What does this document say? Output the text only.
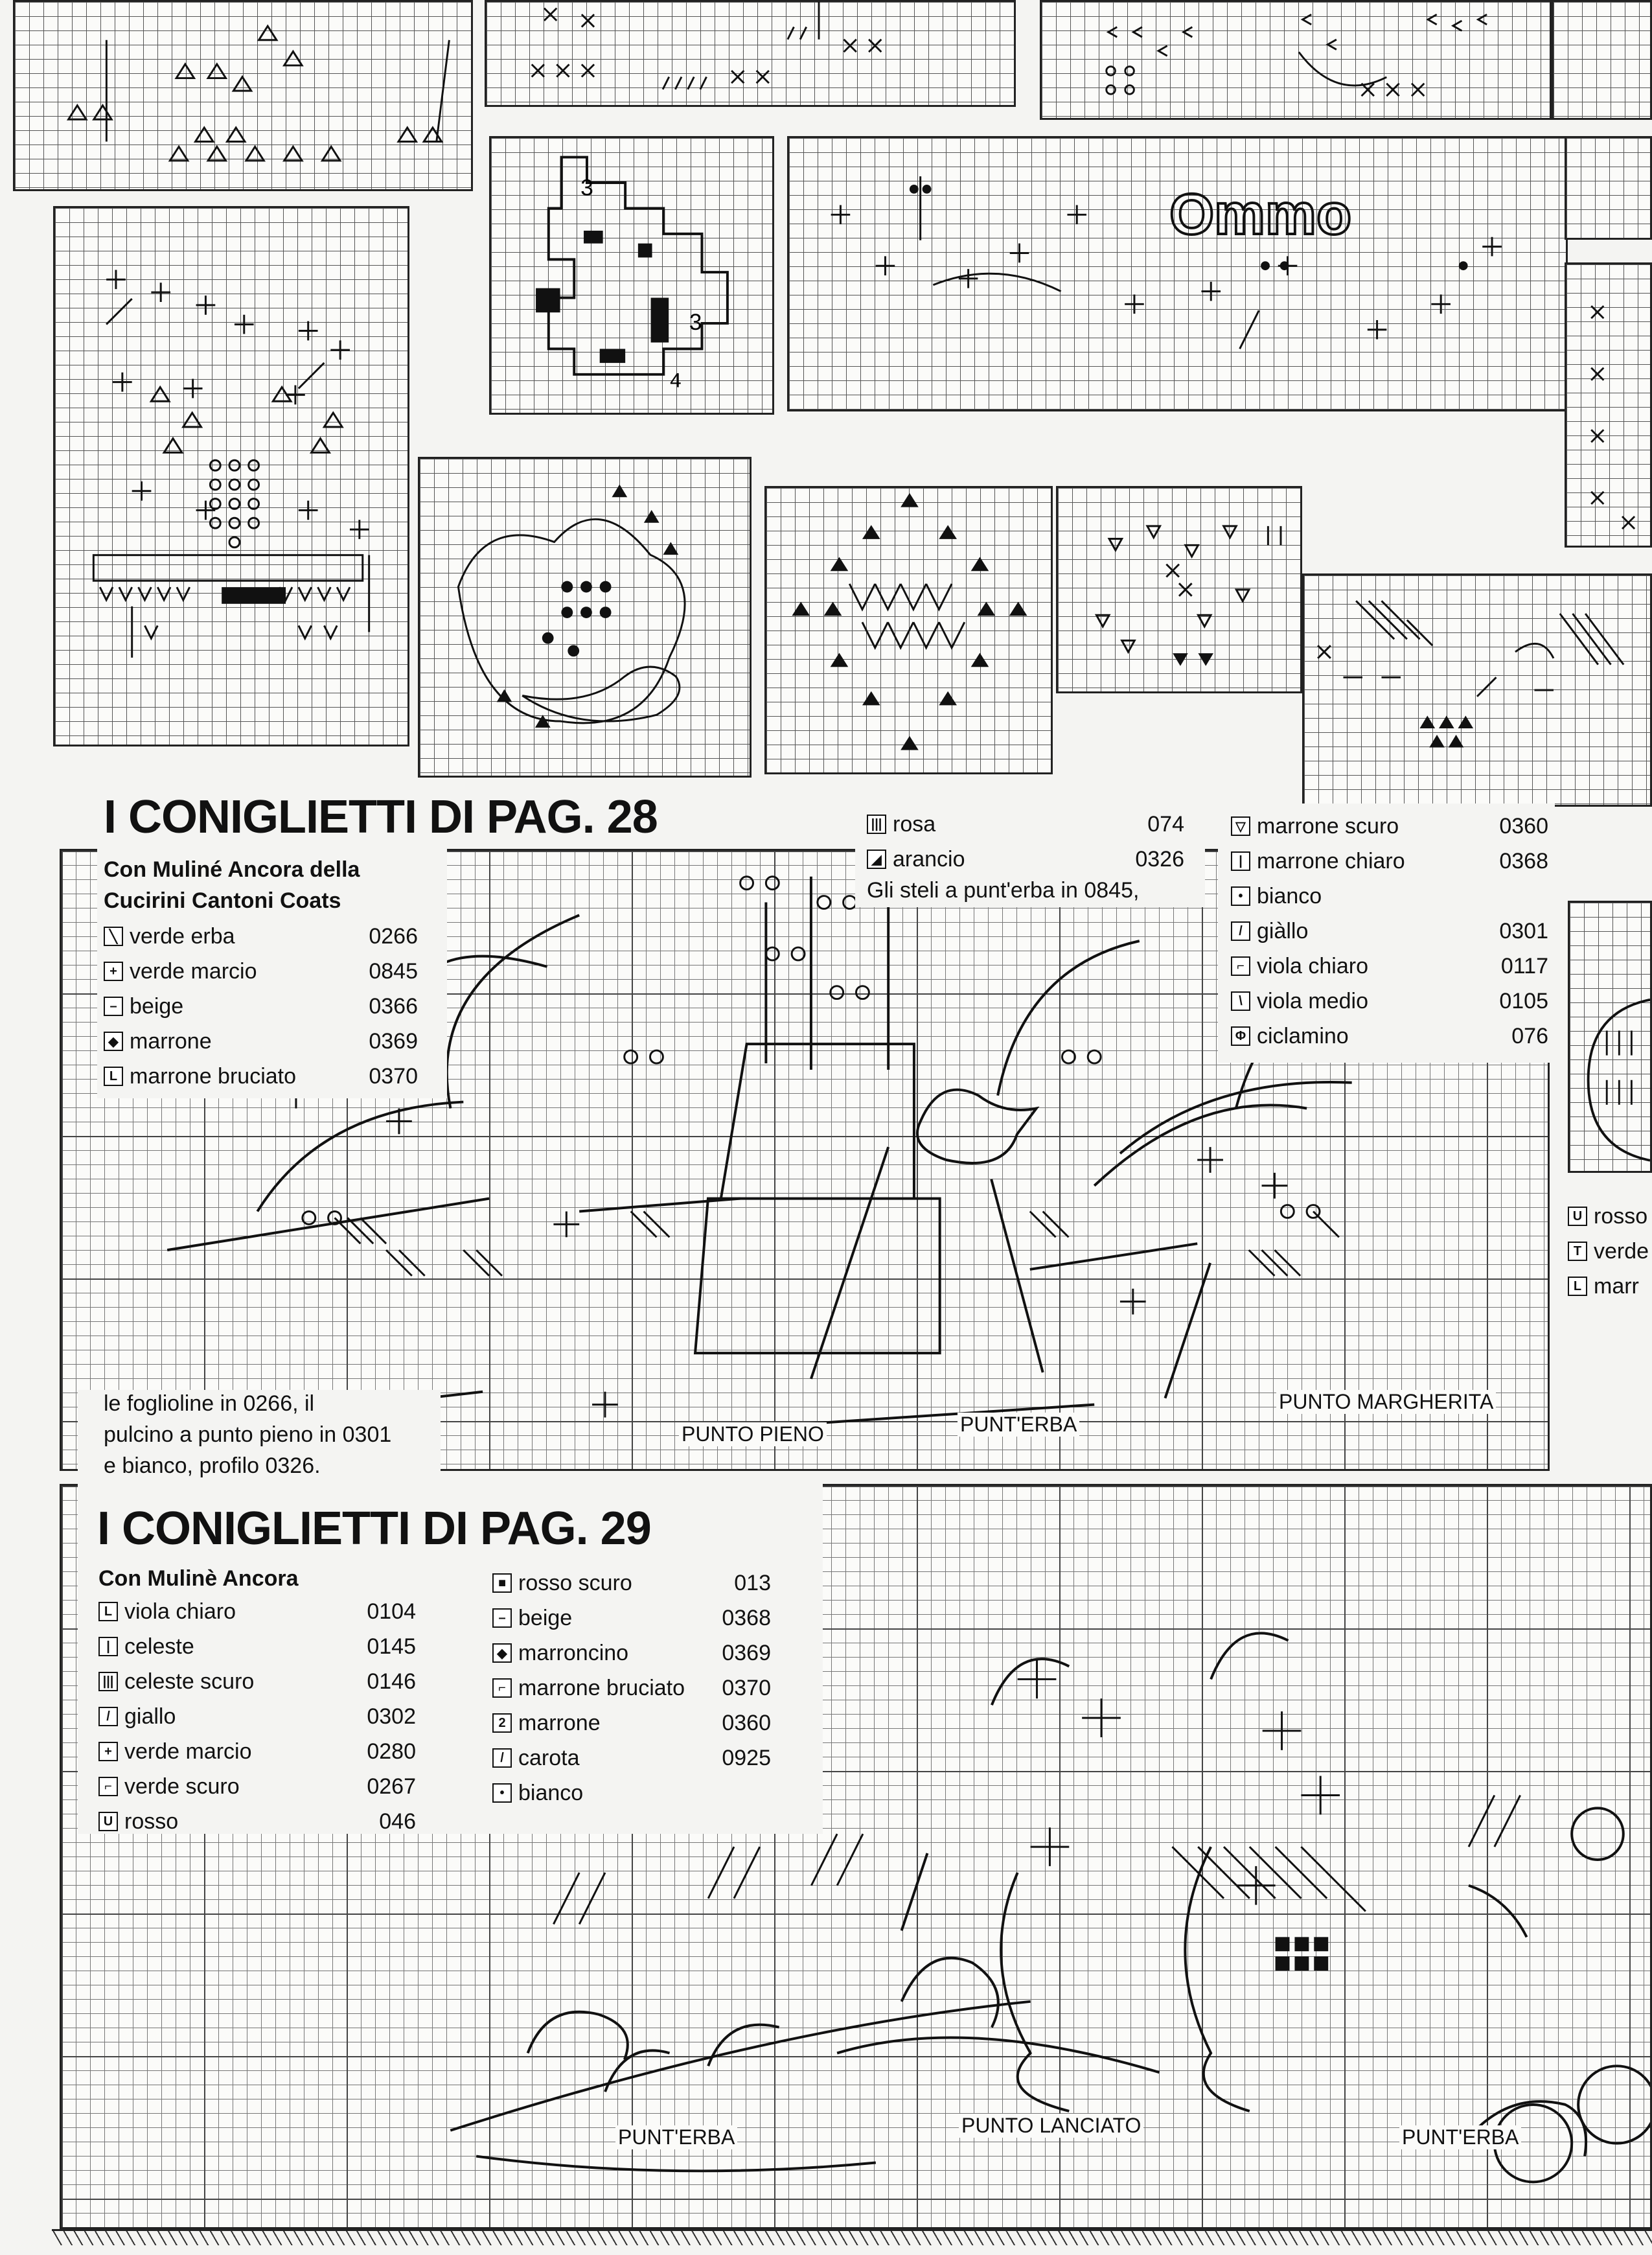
3
3
4
Ommo
I CONIGLIETTI DI PAG. 28

Con Muliné Ancora della Cucirini Cantoni Coats

╲ verde erba	0266
+ verde marcio	0845
– beige	0366
◆ marrone	0369
L marrone bruciato	0370
||| rosa	074
◢ arancio	0326

Gli steli a punt'erba in 0845,

▽ marrone scuro	0360
| marrone chiaro	0368
• bianco
/ giàllo	0301
⌐ viola chiaro	0117
\ viola medio	0105
Φ ciclamino	076

le foglioline in 0266, il

pulcino a punto pieno in 0301

e bianco, profilo 0326.

PUNTO PIENO	PUNT'ERBA
PUNTO MARGHERITA
U rosso
T verde
L marr
I CONIGLIETTI DI PAG. 29

Con Mulinè Ancora

L viola chiaro	0104
| celeste	0145
||| celeste scuro	0146
/ giallo	0302
+ verde marcio	0280
⌐ verde scuro	0267
U rosso	046
■ rosso scuro	013
– beige	0368
◆ marroncino	0369
⌐ marrone bruciato	0370
2 marrone	0360
/ carota	0925
• bianco
PUNT'ERBA	PUNTO LANCIATO	PUNT'ERBA
